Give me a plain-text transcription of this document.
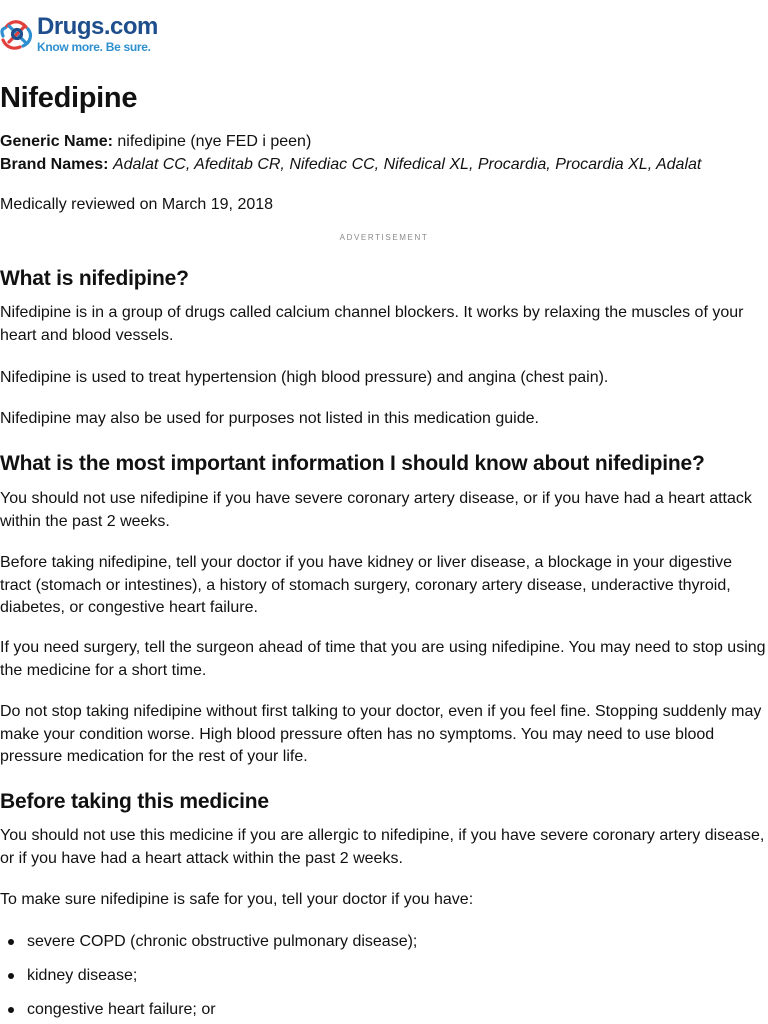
Drugs.com
Know more. Be sure.
Nifedipine
Generic Name: nifedipine (nye FED i peen)
Brand Names: Adalat CC, Afeditab CR, Nifediac CC, Nifedical XL, Procardia, Procardia XL, Adalat
Medically reviewed on March 19, 2018
ADVERTISEMENT
What is nifedipine?

Nifedipine is in a group of drugs called calcium channel blockers. It works by relaxing the muscles of your heart and blood vessels.

Nifedipine is used to treat hypertension (high blood pressure) and angina (chest pain).

Nifedipine may also be used for purposes not listed in this medication guide.

What is the most important information I should know about nifedipine?

You should not use nifedipine if you have severe coronary artery disease, or if you have had a heart attack within the past 2 weeks.

Before taking nifedipine, tell your doctor if you have kidney or liver disease, a blockage in your digestive tract (stomach or intestines), a history of stomach surgery, coronary artery disease, underactive thyroid, diabetes, or congestive heart failure.

If you need surgery, tell the surgeon ahead of time that you are using nifedipine. You may need to stop using the medicine for a short time.

Do not stop taking nifedipine without first talking to your doctor, even if you feel fine. Stopping suddenly may make your condition worse. High blood pressure often has no symptoms. You may need to use blood pressure medication for the rest of your life.

Before taking this medicine

You should not use this medicine if you are allergic to nifedipine, if you have severe coronary artery disease, or if you have had a heart attack within the past 2 weeks.

To make sure nifedipine is safe for you, tell your doctor if you have:

severe COPD (chronic obstructive pulmonary disease);
kidney disease;
congestive heart failure; or
